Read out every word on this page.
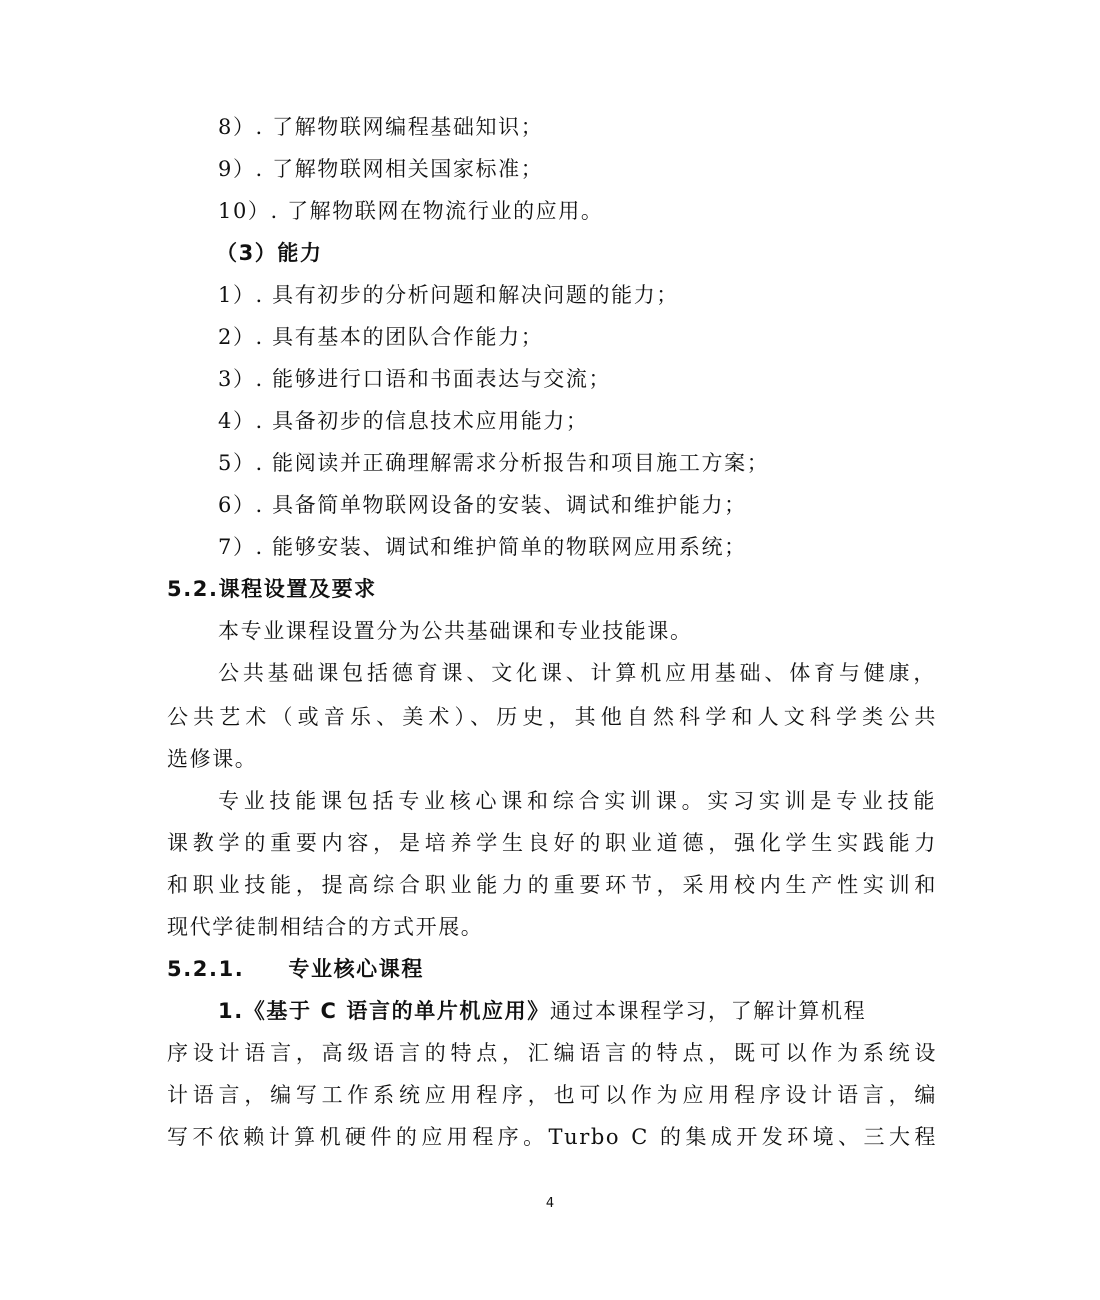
8）. 了解物联网编程基础知识；
9）. 了解物联网相关国家标准；
10）. 了解物联网在物流行业的应用。
（3）能力
1）. 具有初步的分析问题和解决问题的能力；
2）. 具有基本的团队合作能力；
3）. 能够进行口语和书面表达与交流；
4）. 具备初步的信息技术应用能力；
5）. 能阅读并正确理解需求分析报告和项目施工方案；
6）. 具备简单物联网设备的安装、调试和维护能力；
7）. 能够安装、调试和维护简单的物联网应用系统；
5.2.课程设置及要求
本专业课程设置分为公共基础课和专业技能课。
公共基础课包括德育课、文化课、计算机应用基础、体育与健康，
公共艺术（或音乐、美术）、历史，其他自然科学和人文科学类公共
选修课。
专业技能课包括专业核心课和综合实训课。实习实训是专业技能
课教学的重要内容，是培养学生良好的职业道德，强化学生实践能力
和职业技能，提高综合职业能力的重要环节，采用校内生产性实训和
现代学徒制相结合的方式开展。
5.2.1. 专业核心课程
1.《基于 C 语言的单片机应用》通过本课程学习，了解计算机程
序设计语言，高级语言的特点，汇编语言的特点，既可以作为系统设
计语言，编写工作系统应用程序，也可以作为应用程序设计语言，编
写不依赖计算机硬件的应用程序。Turbo C 的集成开发环境、三大程
4
